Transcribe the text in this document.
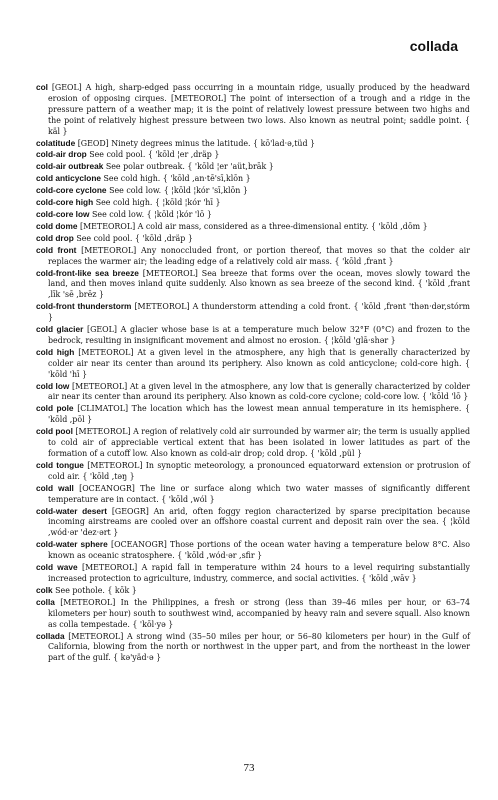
collada

col [GEOL] A high, sharp-edged pass occurring in a mountain ridge, usually produced by the headward erosion of opposing cirques. [METEOROL] The point of intersection of a trough and a ridge in the pressure pattern of a weather map; it is the point of relatively lowest pressure between two highs and the point of relatively highest pressure between two lows. Also known as neutral point; saddle point. { käl }

colatitude [GEOD] Ninety degrees minus the latitude. { kō'lad·ə,tüd }

cold-air drop See cold pool. { 'kōld ¦er ,dräp }

cold-air outbreak See polar outbreak. { 'kōld ¦er 'aüt,brāk }

cold anticyclone See cold high. { 'kōld ,an·tē'sī,klōn }

cold-core cyclone See cold low. { ¦kōld ¦kór 'sī,klōn }

cold-core high See cold high. { ¦kōld ¦kór 'hī }

cold-core low See cold low. { ¦kōld ¦kór 'lō }

cold dome [METEOROL] A cold air mass, considered as a three-dimensional entity. { 'kōld ,dōm }

cold drop See cold pool. { 'kōld ,dräp }

cold front [METEOROL] Any nonoccluded front, or portion thereof, that moves so that the colder air replaces the warmer air; the leading edge of a relatively cold air mass. { 'kōld ,frant }

cold-front-like sea breeze [METEOROL] Sea breeze that forms over the ocean, moves slowly toward the land, and then moves inland quite suddenly. Also known as sea breeze of the second kind. { 'kōld ,frant ,līk 'sē ,brēz }

cold-front thunderstorm [METEOROL] A thunderstorm attending a cold front. { 'kōld ,frənt 'thən·dər,stórm }

cold glacier [GEOL] A glacier whose base is at a temperature much below 32°F (0°C) and frozen to the bedrock, resulting in insignificant movement and almost no erosion. { ¦kōld 'glā·shər }

cold high [METEOROL] At a given level in the atmosphere, any high that is generally characterized by colder air near its center than around its periphery. Also known as cold anticyclone; cold-core high. { 'kōld 'hī }

cold low [METEOROL] At a given level in the atmosphere, any low that is generally characterized by colder air near its center than around its periphery. Also known as cold-core cyclone; cold-core low. { 'kōld 'lō }

cold pole [CLIMATOL] The location which has the lowest mean annual temperature in its hemisphere. { 'kōld ,pōl }

cold pool [METEOROL] A region of relatively cold air surrounded by warmer air; the term is usually applied to cold air of appreciable vertical extent that has been isolated in lower latitudes as part of the formation of a cutoff low. Also known as cold-air drop; cold drop. { 'kōld ,pül }

cold tongue [METEOROL] In synoptic meteorology, a pronounced equatorward extension or protrusion of cold air. { 'kōld ,təŋ }

cold wall [OCEANOGR] The line or surface along which two water masses of significantly different temperature are in contact. { 'kōld ,wól }

cold-water desert [GEOGR] An arid, often foggy region characterized by sparse precipitation because incoming airstreams are cooled over an offshore coastal current and deposit rain over the sea. { ¦kōld ,wód·ər 'dez·ərt }

cold-water sphere [OCEANOGR] Those portions of the ocean water having a temperature below 8°C. Also known as oceanic stratosphere. { 'kōld ,wód·ər ,sfir }

cold wave [METEOROL] A rapid fall in temperature within 24 hours to a level requiring substantially increased protection to agriculture, industry, commerce, and social activities. { 'kōld ,wāv }

colk See pothole. { kōk }

colla [METEOROL] In the Philippines, a fresh or strong (less than 39–46 miles per hour, or 63–74 kilometers per hour) south to southwest wind, accompanied by heavy rain and severe squall. Also known as colla tempestade. { 'kōl·yə }

collada [METEOROL] A strong wind (35–50 miles per hour, or 56–80 kilometers per hour) in the Gulf of California, blowing from the north or northwest in the upper part, and from the northeast in the lower part of the gulf. { kə'yäd·ə }

73
